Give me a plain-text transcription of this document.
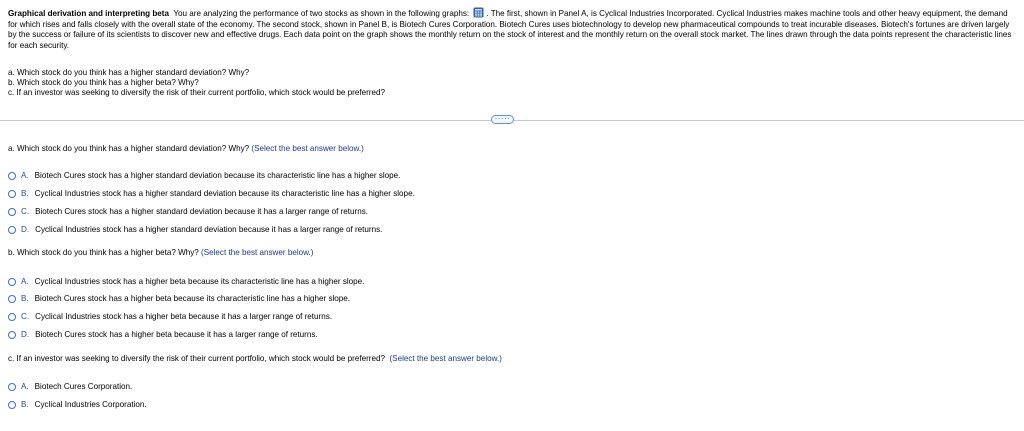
Graphical derivation and interpreting beta You are analyzing the performance of two stocks as shown in the following graphs: . The first, shown in Panel A, is Cyclical Industries Incorporated. Cyclical Industries makes machine tools and other heavy equipment, the demand for which rises and falls closely with the overall state of the economy. The second stock, shown in Panel B, is Biotech Cures Corporation. Biotech Cures uses biotechnology to develop new pharmaceutical compounds to treat incurable diseases. Biotech's fortunes are driven largely by the success or failure of its scientists to discover new and effective drugs. Each data point on the graph shows the monthly return on the stock of interest and the monthly return on the overall stock market. The lines drawn through the data points represent the characteristic lines for each security.
a. Which stock do you think has a higher standard deviation? Why?
b. Which stock do you think has a higher beta? Why?
c. If an investor was seeking to diversify the risk of their current portfolio, which stock would be preferred?
·····
a. Which stock do you think has a higher standard deviation? Why? (Select the best answer below.)
A. Biotech Cures stock has a higher standard deviation because its characteristic line has a higher slope.
B. Cyclical Industries stock has a higher standard deviation because its characteristic line has a higher slope.
C. Biotech Cures stock has a higher standard deviation because it has a larger range of returns.
D. Cyclical Industries stock has a higher standard deviation because it has a larger range of returns.
b. Which stock do you think has a higher beta? Why? (Select the best answer below.)
A. Cyclical Industries stock has a higher beta because its characteristic line has a higher slope.
B. Biotech Cures stock has a higher beta because its characteristic line has a higher slope.
C. Cyclical Industries stock has a higher beta because it has a larger range of returns.
D. Biotech Cures stock has a higher beta because it has a larger range of returns.
c. If an investor was seeking to diversify the risk of their current portfolio, which stock would be preferred? (Select the best answer below.)
A. Biotech Cures Corporation.
B. Cyclical Industries Corporation.
